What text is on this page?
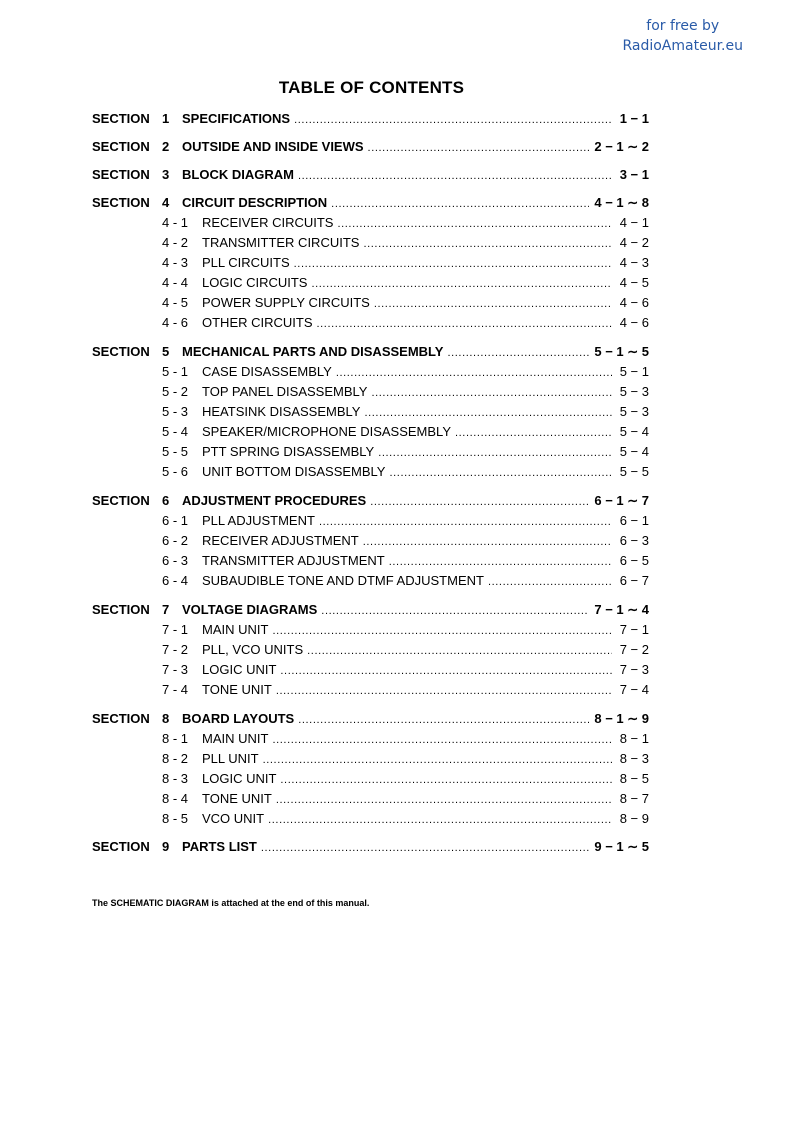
for free by
RadioAmateur.eu
TABLE OF CONTENTS
SECTION 1 SPECIFICATIONS .....	1 − 1
SECTION 2 OUTSIDE AND INSIDE VIEWS .....	2 − 1 ∼ 2
SECTION 3 BLOCK DIAGRAM .....	3 − 1
SECTION 4 CIRCUIT DESCRIPTION .....	4 − 1 ∼ 8
4 - 1	RECEIVER CIRCUITS .....	4 − 1
4 - 2	TRANSMITTER CIRCUITS .....	4 − 2
4 - 3	PLL CIRCUITS .....	4 − 3
4 - 4	LOGIC CIRCUITS .....	4 − 5
4 - 5	POWER SUPPLY CIRCUITS .....	4 − 6
4 - 6	OTHER CIRCUITS .....	4 − 6
SECTION 5 MECHANICAL PARTS AND DISASSEMBLY .....	5 − 1 ∼ 5
5 - 1	CASE DISASSEMBLY .....	5 − 1
5 - 2	TOP PANEL DISASSEMBLY .....	5 − 3
5 - 3	HEATSINK DISASSEMBLY .....	5 − 3
5 - 4	SPEAKER/MICROPHONE DISASSEMBLY .....	5 − 4
5 - 5	PTT SPRING DISASSEMBLY .....	5 − 4
5 - 6	UNIT BOTTOM DISASSEMBLY .....	5 − 5
SECTION 6 ADJUSTMENT PROCEDURES .....	6 − 1 ∼ 7
6 - 1	PLL ADJUSTMENT .....	6 − 1
6 - 2	RECEIVER ADJUSTMENT .....	6 − 3
6 - 3	TRANSMITTER ADJUSTMENT .....	6 − 5
6 - 4	SUBAUDIBLE TONE AND DTMF ADJUSTMENT .....	6 − 7
SECTION 7 VOLTAGE DIAGRAMS .....	7 − 1 ∼ 4
7 - 1	MAIN UNIT .....	7 − 1
7 - 2	PLL, VCO UNITS .....	7 − 2
7 - 3	LOGIC UNIT .....	7 − 3
7 - 4	TONE UNIT .....	7 − 4
SECTION 8 BOARD LAYOUTS .....	8 − 1 ∼ 9
8 - 1	MAIN UNIT .....	8 − 1
8 - 2	PLL UNIT .....	8 − 3
8 - 3	LOGIC UNIT .....	8 − 5
8 - 4	TONE UNIT .....	8 − 7
8 - 5	VCO UNIT .....	8 − 9
SECTION 9 PARTS LIST .....	9 − 1 ∼ 5
The SCHEMATIC DIAGRAM is attached at the end of this manual.
